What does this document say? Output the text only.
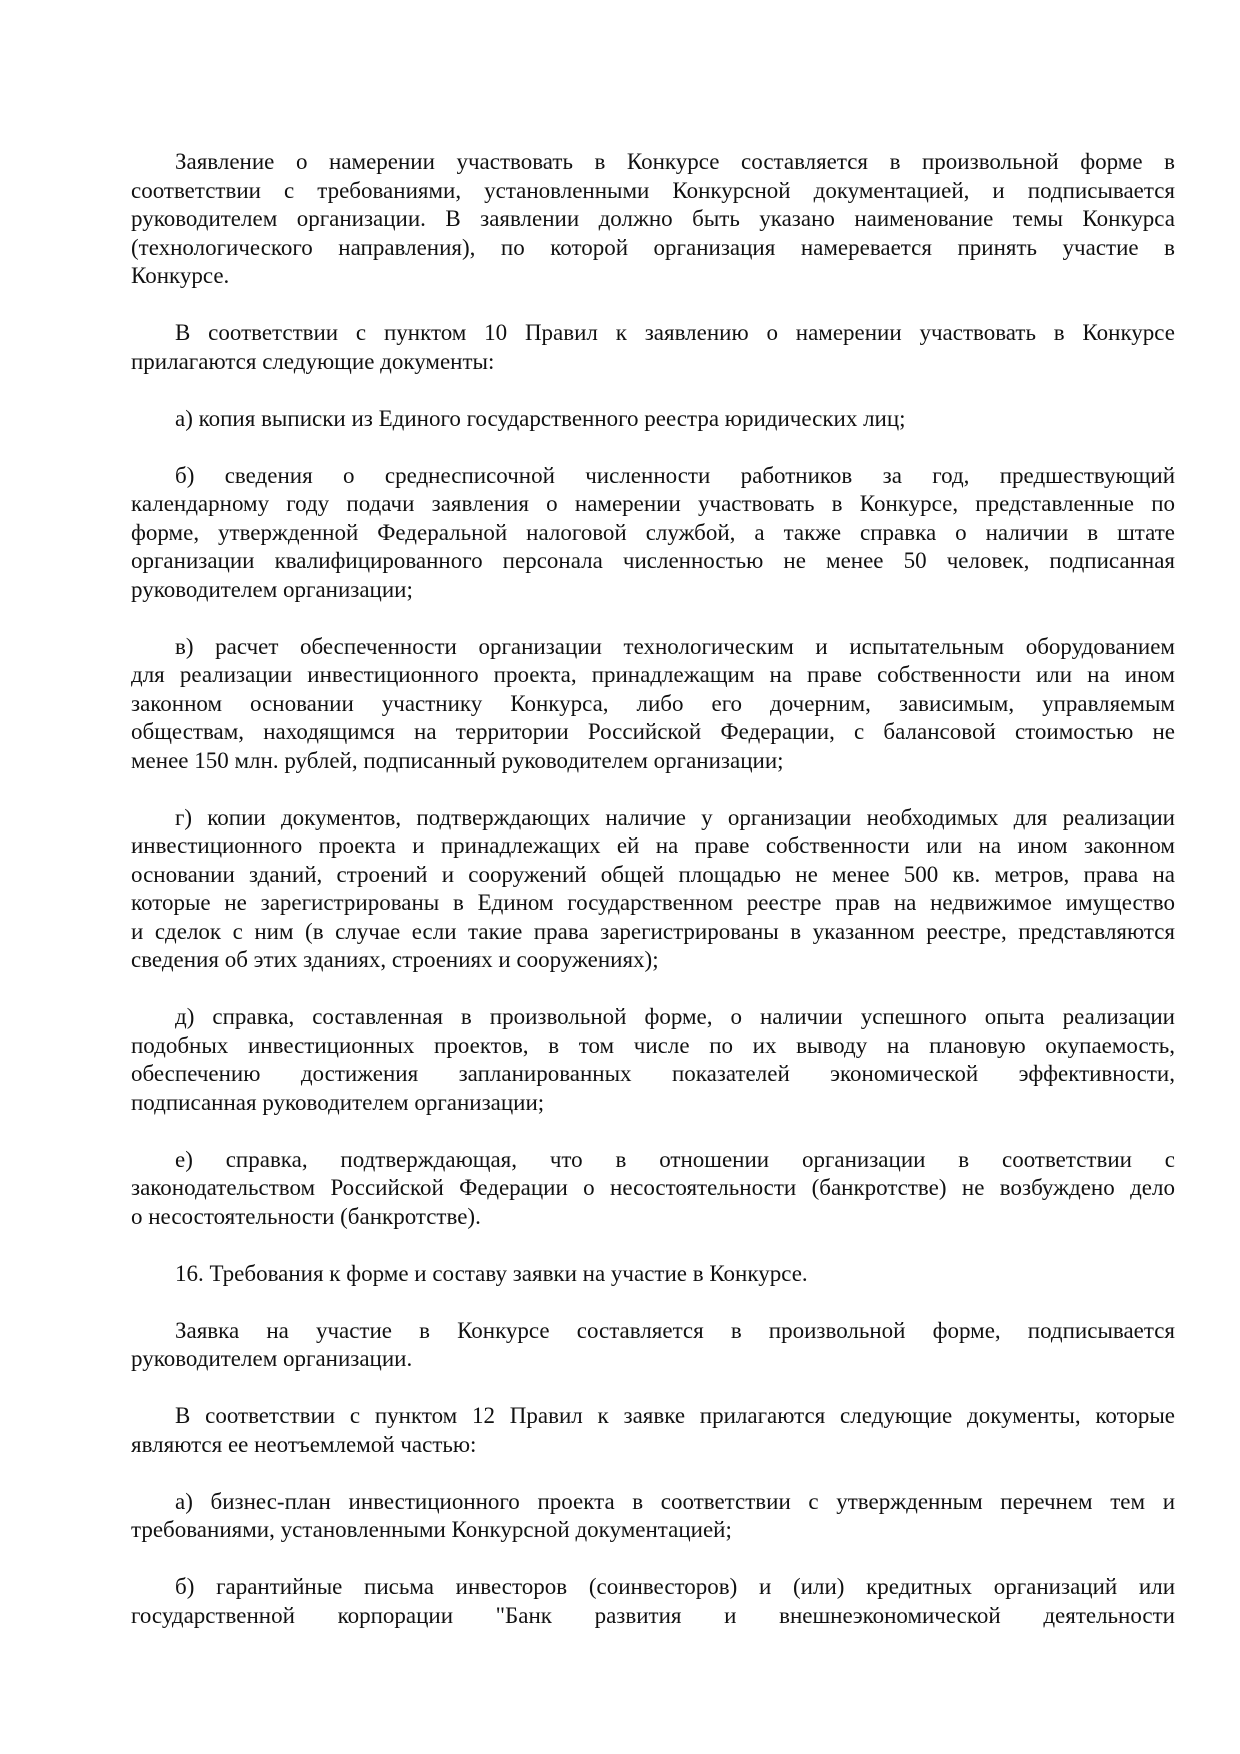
Заявление о намерении участвовать в Конкурсе составляется в произвольной форме в
соответствии с требованиями, установленными Конкурсной документацией, и подписывается
руководителем организации. В заявлении должно быть указано наименование темы Конкурса
(технологического направления), по которой организация намеревается принять участие в
Конкурсе.
В соответствии с пунктом 10 Правил к заявлению о намерении участвовать в Конкурсе
прилагаются следующие документы:
а) копия выписки из Единого государственного реестра юридических лиц;
б) сведения о среднесписочной численности работников за год, предшествующий
календарному году подачи заявления о намерении участвовать в Конкурсе, представленные по
форме, утвержденной Федеральной налоговой службой, а также справка о наличии в штате
организации квалифицированного персонала численностью не менее 50 человек, подписанная
руководителем организации;
в) расчет обеспеченности организации технологическим и испытательным оборудованием
для реализации инвестиционного проекта, принадлежащим на праве собственности или на ином
законном основании участнику Конкурса, либо его дочерним, зависимым, управляемым
обществам, находящимся на территории Российской Федерации, с балансовой стоимостью не
менее 150 млн. рублей, подписанный руководителем организации;
г) копии документов, подтверждающих наличие у организации необходимых для реализации
инвестиционного проекта и принадлежащих ей на праве собственности или на ином законном
основании зданий, строений и сооружений общей площадью не менее 500 кв. метров, права на
которые не зарегистрированы в Едином государственном реестре прав на недвижимое имущество
и сделок с ним (в случае если такие права зарегистрированы в указанном реестре, представляются
сведения об этих зданиях, строениях и сооружениях);
д) справка, составленная в произвольной форме, о наличии успешного опыта реализации
подобных инвестиционных проектов, в том числе по их выводу на плановую окупаемость,
обеспечению достижения запланированных показателей экономической эффективности,
подписанная руководителем организации;
е) справка, подтверждающая, что в отношении организации в соответствии с
законодательством Российской Федерации о несостоятельности (банкротстве) не возбуждено дело
о несостоятельности (банкротстве).
16. Требования к форме и составу заявки на участие в Конкурсе.
Заявка на участие в Конкурсе составляется в произвольной форме, подписывается
руководителем организации.
В соответствии с пунктом 12 Правил к заявке прилагаются следующие документы, которые
являются ее неотъемлемой частью:
а) бизнес-план инвестиционного проекта в соответствии с утвержденным перечнем тем и
требованиями, установленными Конкурсной документацией;
б) гарантийные письма инвесторов (соинвесторов) и (или) кредитных организаций или
государственной корпорации "Банк развития и внешнеэкономической деятельности
